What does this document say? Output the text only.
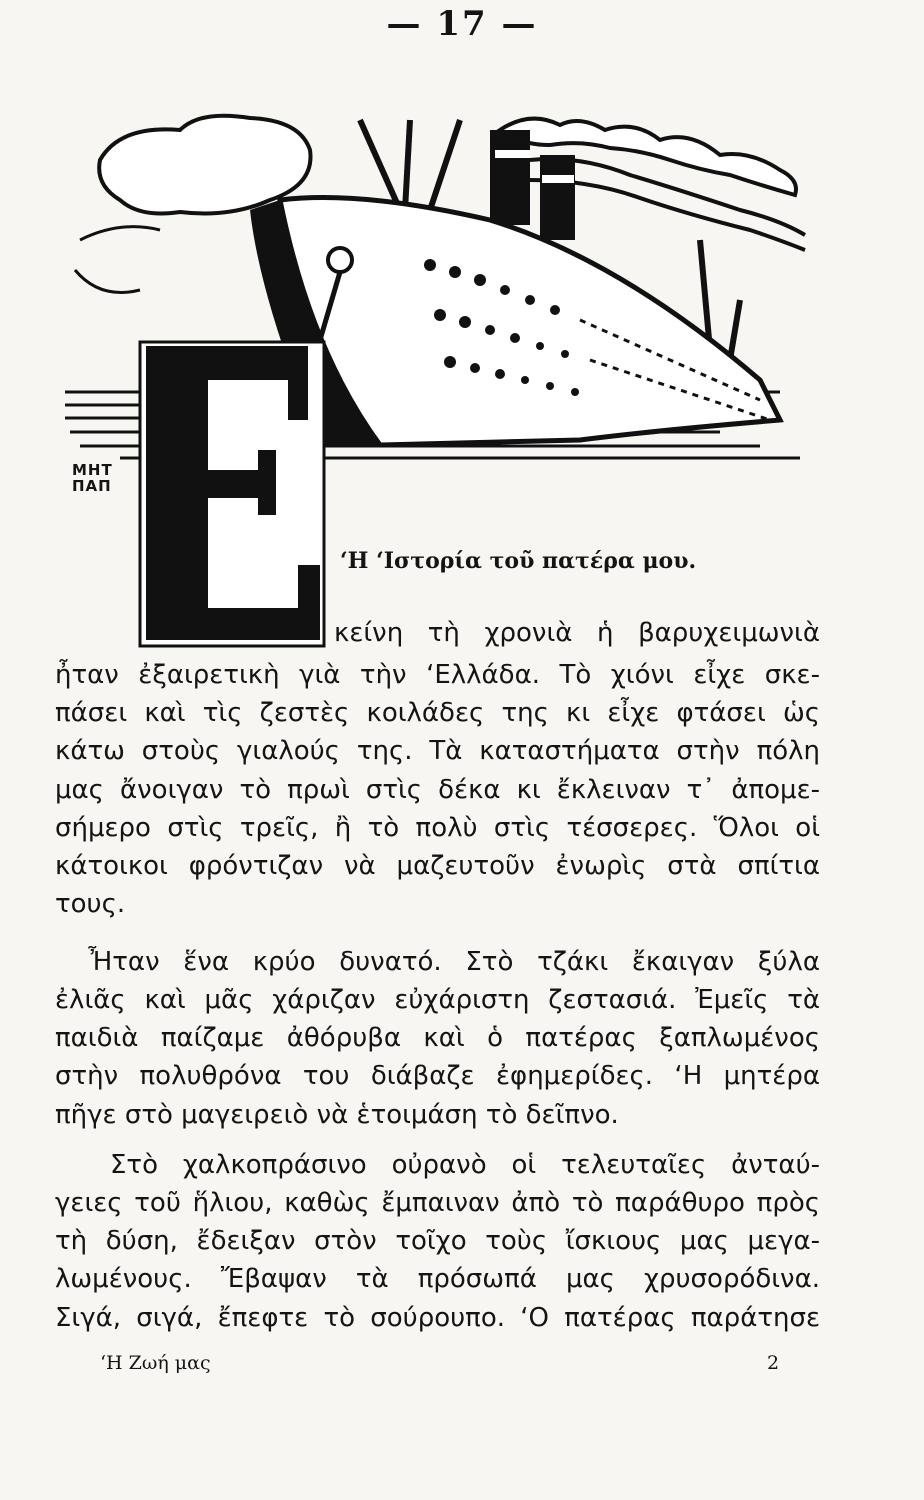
— 17 —
ΜΗΤ
ΠΑΠ
‘Η ‘Ιστορία τοῦ πατέρα μου.
κείνη τὴ χρονιὰ ἡ βαρυχειμωνιὰ
ἦταν ἐξαιρετικὴ γιὰ τὴν ‘Ελλάδα. Τὸ χιόνι εἶχε σκε-
πάσει καὶ τὶς ζεστὲς κοιλάδες της κι εἶχε φτάσει ὡς
κάτω στοὺς γιαλούς της. Τὰ καταστήματα στὴν πόλη
μας ἄνοιγαν τὸ πρωὶ στὶς δέκα κι ἔκλειναν τ᾽ ἀπομε-
σήμερο στὶς τρεῖς, ἢ τὸ πολὺ στὶς τέσσερες. Ὅλοι οἱ
κάτοικοι φρόντιζαν νὰ μαζευτοῦν ἐνωρὶς στὰ σπίτια
τους.
Ἦταν ἕνα κρύο δυνατό. Στὸ τζάκι ἔκαιγαν ξύλα
ἐλιᾶς καὶ μᾶς χάριζαν εὐχάριστη ζεστασιά. Ἐμεῖς τὰ
παιδιὰ παίζαμε ἀθόρυβα καὶ ὁ πατέρας ξαπλωμένος
στὴν πολυθρόνα του διάβαζε ἐφημερίδες. ‘Η μητέρα
πῆγε στὸ μαγειρειὸ νὰ ἑτοιμάση τὸ δεῖπνο.
Στὸ χαλκοπράσινο οὐρανὸ οἱ τελευταῖες ἀνταύ-
γειες τοῦ ἥλιου, καθὼς ἔμπαιναν ἀπὸ τὸ παράθυρο πρὸς
τὴ δύση, ἔδειξαν στὸν τοῖχο τοὺς ἴσκιους μας μεγα-
λωμένους. Ἔβαψαν τὰ πρόσωπά μας χρυσορόδινα.
Σιγά, σιγά, ἔπεφτε τὸ σούρουπο. ‘Ο πατέρας παράτησε
‘Η Ζωή μας	2
